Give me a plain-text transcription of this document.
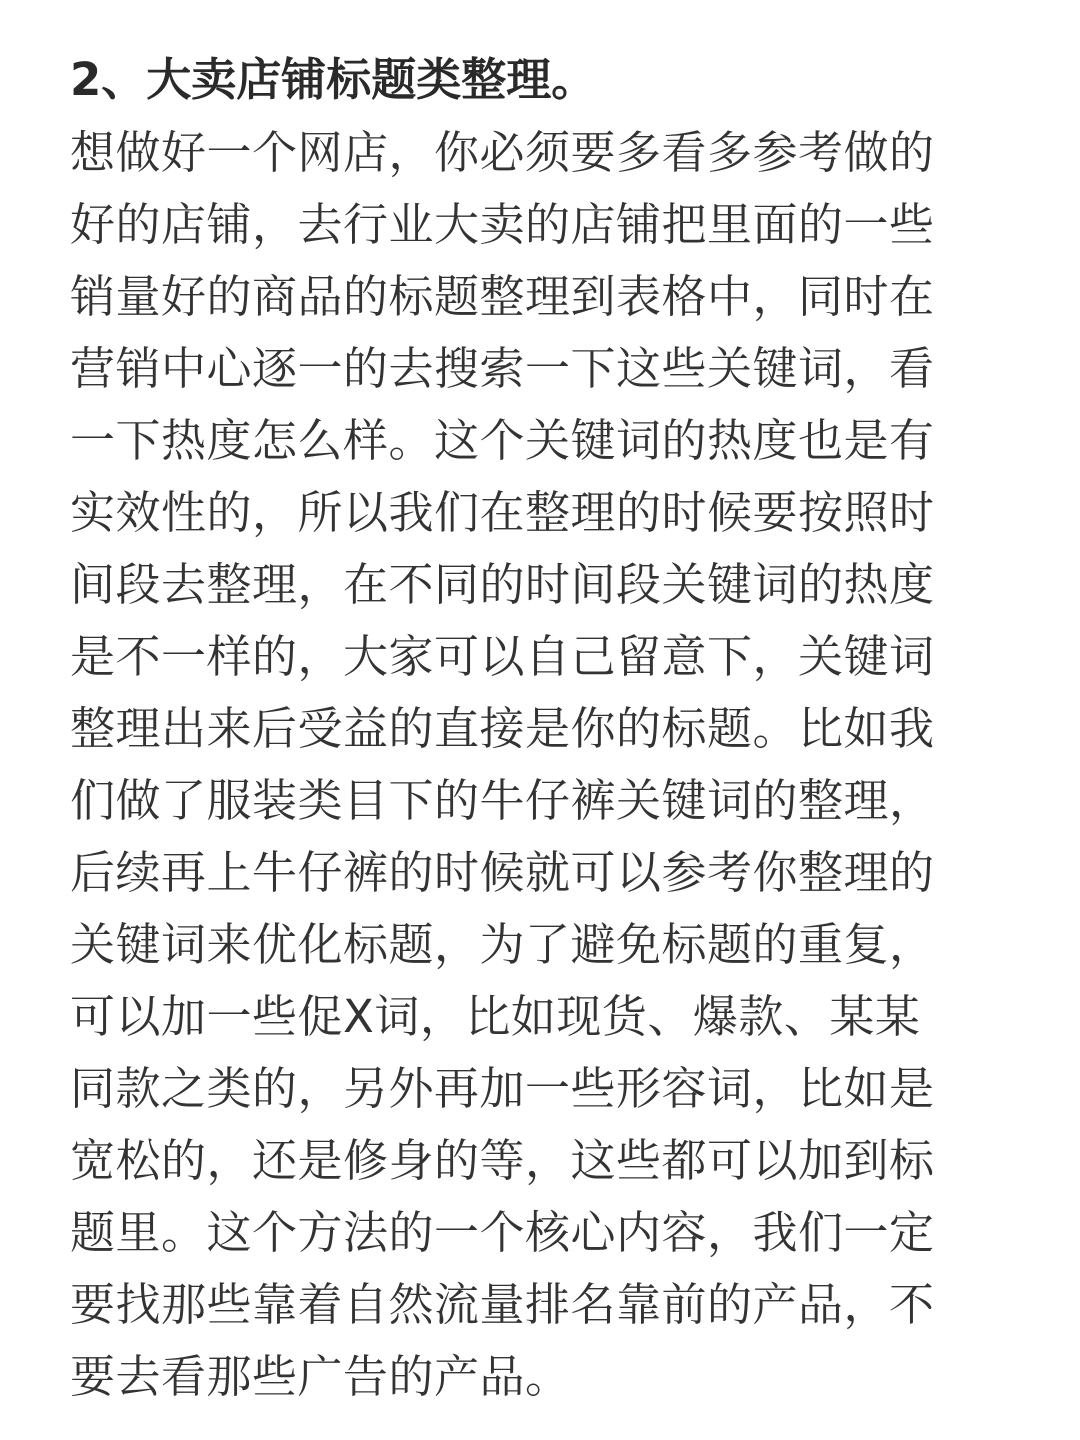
2、大卖店铺标题类整理。
想做好一个网店，你必须要多看多参考做的
好的店铺，去行业大卖的店铺把里面的一些
销量好的商品的标题整理到表格中，同时在
营销中心逐一的去搜索一下这些关键词，看
一下热度怎么样。这个关键词的热度也是有
实效性的，所以我们在整理的时候要按照时
间段去整理，在不同的时间段关键词的热度
是不一样的，大家可以自己留意下，关键词
整理出来后受益的直接是你的标题。比如我
们做了服装类目下的牛仔裤关键词的整理，
后续再上牛仔裤的时候就可以参考你整理的
关键词来优化标题，为了避免标题的重复，
可以加一些促X词，比如现货、爆款、某某
同款之类的，另外再加一些形容词，比如是
宽松的，还是修身的等，这些都可以加到标
题里。这个方法的一个核心内容，我们一定
要找那些靠着自然流量排名靠前的产品，不
要去看那些广告的产品。
